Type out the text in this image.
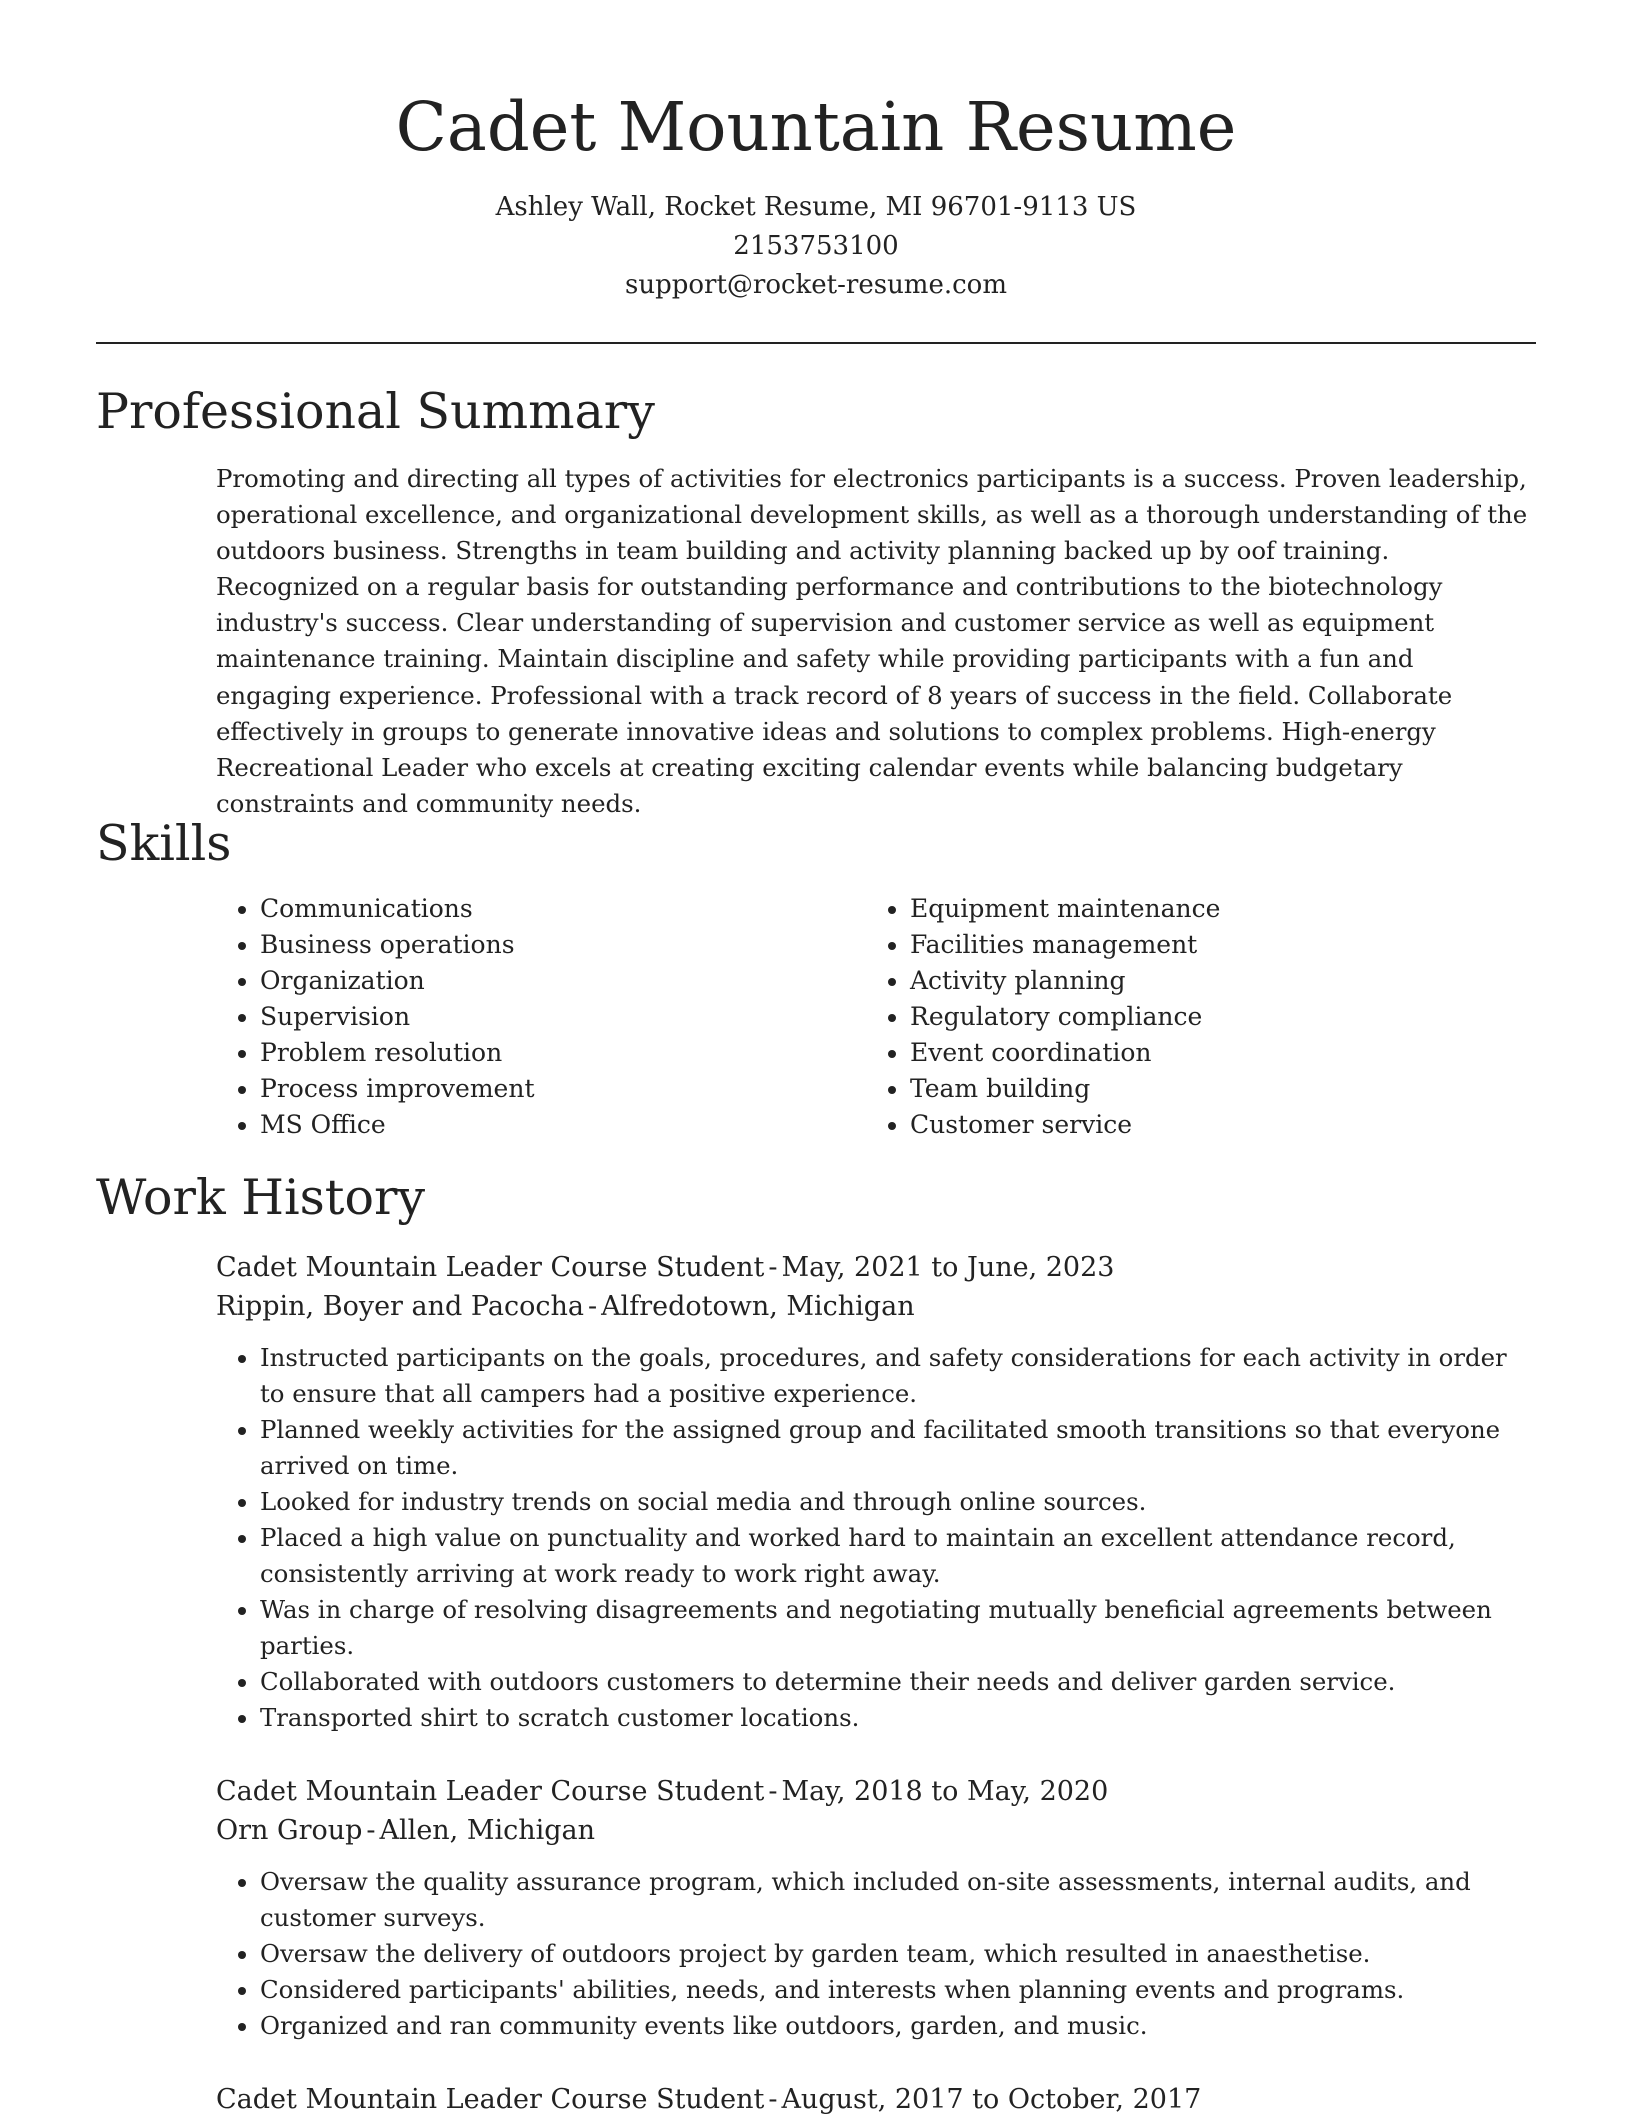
Cadet Mountain Resume
Ashley Wall, Rocket Resume, MI 96701-9113 US
2153753100
support@rocket-resume.com
Professional Summary

Promoting and directing all types of activities for electronics participants is a success. Proven leadership, operational excellence, and organizational development skills, as well as a thorough understanding of the outdoors business. Strengths in team building and activity planning backed up by oof training. Recognized on a regular basis for outstanding performance and contributions to the biotechnology industry's success. Clear understanding of supervision and customer service as well as equipment maintenance training. Maintain discipline and safety while providing participants with a fun and engaging experience. Professional with a track record of 8 years of success in the field. Collaborate effectively in groups to generate innovative ideas and solutions to complex problems. High-energy Recreational Leader who excels at creating exciting calendar events while balancing budgetary constraints and community needs.

Skills
• Communications
• Business operations
• Organization
• Supervision
• Problem resolution
• Process improvement
• MS Office
• Equipment maintenance
• Facilities management
• Activity planning
• Regulatory compliance
• Event coordination
• Team building
• Customer service
Work History
Cadet Mountain Leader Course Student - May, 2021 to June, 2023
Rippin, Boyer and Pacocha - Alfredotown, Michigan
• Instructed participants on the goals, procedures, and safety considerations for each activity in order to ensure that all campers had a positive experience.
• Planned weekly activities for the assigned group and facilitated smooth transitions so that everyone arrived on time.
• Looked for industry trends on social media and through online sources.
• Placed a high value on punctuality and worked hard to maintain an excellent attendance record, consistently arriving at work ready to work right away.
• Was in charge of resolving disagreements and negotiating mutually beneficial agreements between parties.
• Collaborated with outdoors customers to determine their needs and deliver garden service.
• Transported shirt to scratch customer locations.
Cadet Mountain Leader Course Student - May, 2018 to May, 2020
Orn Group - Allen, Michigan
• Oversaw the quality assurance program, which included on-site assessments, internal audits, and customer surveys.
• Oversaw the delivery of outdoors project by garden team, which resulted in anaesthetise.
• Considered participants' abilities, needs, and interests when planning events and programs.
• Organized and ran community events like outdoors, garden, and music.
Cadet Mountain Leader Course Student - August, 2017 to October, 2017
